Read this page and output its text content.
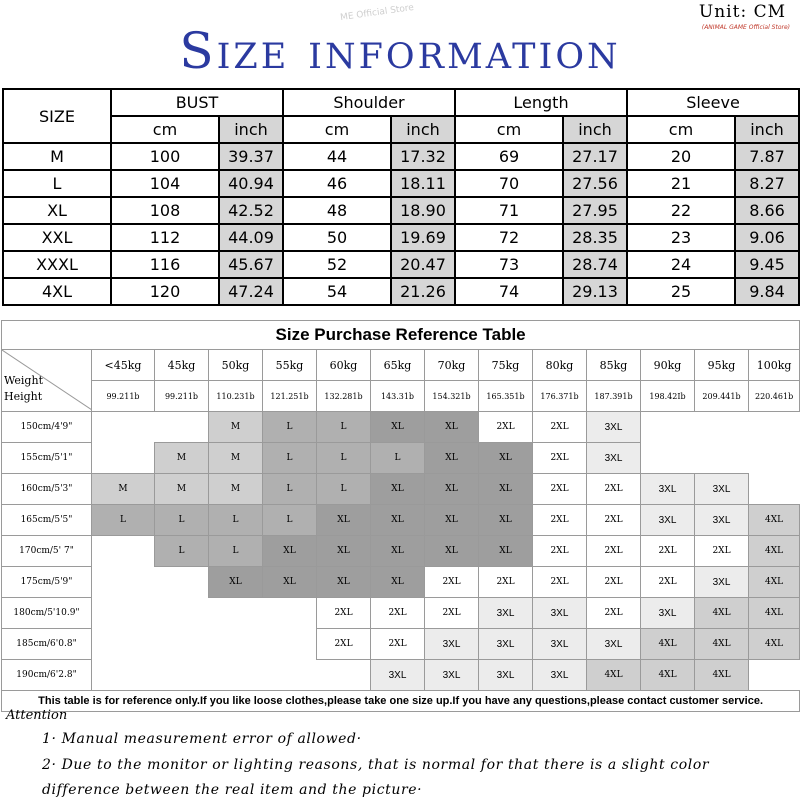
Unit: CM
(ANIMAL GAME Official Store)
ME Official Store
Size information
SIZE	BUST		Shoulder		Length		Sleeve	
	cm	inch	cm	inch	cm	inch	cm	inch
M	100	39.37	44	17.32	69	27.17	20	7.87
L	104	40.94	46	18.11	70	27.56	21	8.27
XL	108	42.52	48	18.90	71	27.95	22	8.66
XXL	112	44.09	50	19.69	72	28.35	23	9.06
XXXL	116	45.67	52	20.47	73	28.74	24	9.45
4XL	120	47.24	54	21.26	74	29.13	25	9.84
Size Purchase Reference Table													

Weight
Height	<45kg	45kg	50kg	55kg	60kg	65kg	70kg	75kg	80kg	85kg	90kg	95kg	100kg
	99.211b	99.211b	110.231b	121.251b	132.281b	143.31b	154.321b	165.351b	176.371b	187.391b	198.42Ib	209.441b	220.461b
150cm/4'9"			M	L	L	XL	XL	2XL	2XL	3XL			
155cm/5'1"		M	M	L	L	L	XL	XL	2XL	3XL			
160cm/5'3"	M	M	M	L	L	XL	XL	XL	2XL	2XL	3XL	3XL	
165cm/5'5"	L	L	L	L	XL	XL	XL	XL	2XL	2XL	3XL	3XL	4XL
170cm/5' 7"		L	L	XL	XL	XL	XL	XL	2XL	2XL	2XL	2XL	4XL
175cm/5'9"			XL	XL	XL	XL	2XL	2XL	2XL	2XL	2XL	3XL	4XL
180cm/5'10.9"					2XL	2XL	2XL	3XL	3XL	2XL	3XL	4XL	4XL
185cm/6'0.8"					2XL	2XL	3XL	3XL	3XL	3XL	4XL	4XL	4XL
190cm/6'2.8"						3XL	3XL	3XL	3XL	4XL	4XL	4XL	
This table is for reference only.If you like loose clothes,please take one size up.If you have any questions,please contact customer service.													
Attention
1· Manual measurement error of allowed·
2· Due to the monitor or lighting reasons, that is normal for that there is a slight color
difference between the real item and the picture·
